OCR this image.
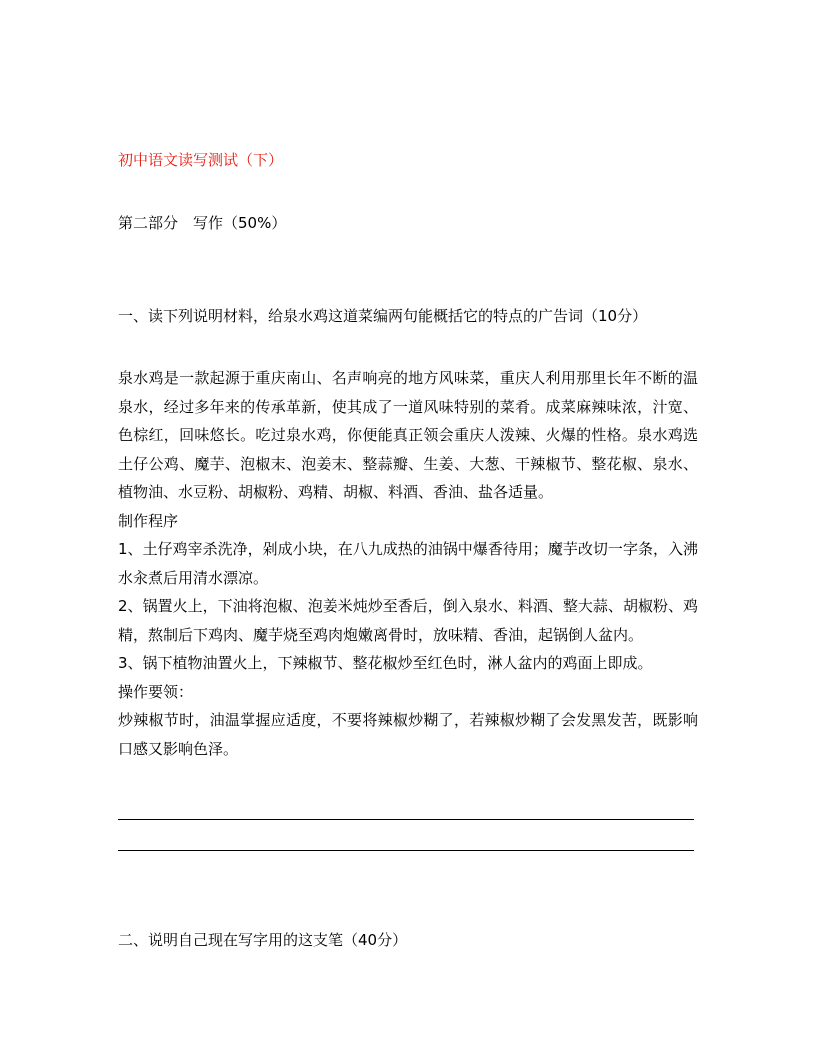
初中语文读写测试（下）
第二部分　写作（50%）
一、读下列说明材料，给泉水鸡这道菜编两句能概括它的特点的广告词（10分）

泉水鸡是一款起源于重庆南山、名声响亮的地方风味菜，重庆人利用那里长年不断的温泉水，经过多年来的传承革新，使其成了一道风味特别的菜肴。成菜麻辣味浓，汁宽、色棕红，回味悠长。吃过泉水鸡，你便能真正领会重庆人泼辣、火爆的性格。泉水鸡选土仔公鸡、魔芋、泡椒末、泡姜末、整蒜瓣、生姜、大葱、干辣椒节、整花椒、泉水、植物油、水豆粉、胡椒粉、鸡精、胡椒、料酒、香油、盐各适量。

制作程序

1、土仔鸡宰杀洗净，剁成小块，在八九成热的油锅中爆香待用；魔芋改切一字条，入沸水汆煮后用清水漂凉。

2、锅置火上，下油将泡椒、泡姜米炖炒至香后，倒入泉水、料酒、整大蒜、胡椒粉、鸡精，熬制后下鸡肉、魔芋烧至鸡肉炮嫩离骨时，放味精、香油，起锅倒人盆内。

3、锅下植物油置火上，下辣椒节、整花椒炒至红色时，淋人盆内的鸡面上即成。

操作要领：

炒辣椒节时，油温掌握应适度，不要将辣椒炒糊了，若辣椒炒糊了会发黑发苦，既影响口感又影响色泽。

二、说明自己现在写字用的这支笔（40分）
